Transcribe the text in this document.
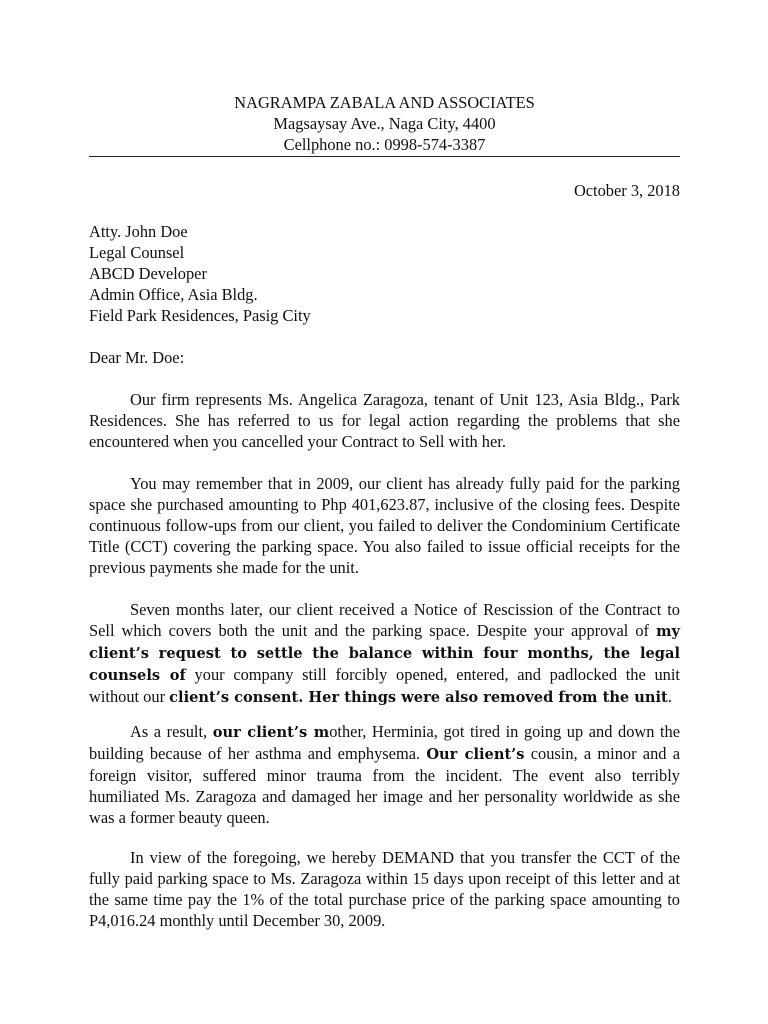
NAGRAMPA ZABALA AND ASSOCIATES
Magsaysay Ave., Naga City, 4400
Cellphone no.: 0998-574-3387
October 3, 2018
Atty. John Doe
Legal Counsel
ABCD Developer
Admin Office, Asia Bldg.
Field Park Residences, Pasig City
Dear Mr. Doe:
Our firm represents Ms. Angelica Zaragoza, tenant of Unit 123, Asia Bldg., Park Residences. She has referred to us for legal action regarding the problems that she encountered when you cancelled your Contract to Sell with her.
You may remember that in 2009, our client has already fully paid for the parking space she purchased amounting to Php 401,623.87, inclusive of the closing fees. Despite continuous follow-ups from our client, you failed to deliver the Condominium Certificate Title (CCT) covering the parking space. You also failed to issue official receipts for the previous payments she made for the unit.
Seven months later, our client received a Notice of Rescission of the Contract to Sell which covers both the unit and the parking space. Despite your approval of my client’s request to settle the balance within four months, the legal counsels of your company still forcibly opened, entered, and padlocked the unit without our client’s consent. Her things were also removed from the unit.
As a result, our client’s mother, Herminia, got tired in going up and down the building because of her asthma and emphysema. Our client’s cousin, a minor and a foreign visitor, suffered minor trauma from the incident. The event also terribly humiliated Ms. Zaragoza and damaged her image and her personality worldwide as she was a former beauty queen.
In view of the foregoing, we hereby DEMAND that you transfer the CCT of the fully paid parking space to Ms. Zaragoza within 15 days upon receipt of this letter and at the same time pay the 1% of the total purchase price of the parking space amounting to P4,016.24 monthly until December 30, 2009.
